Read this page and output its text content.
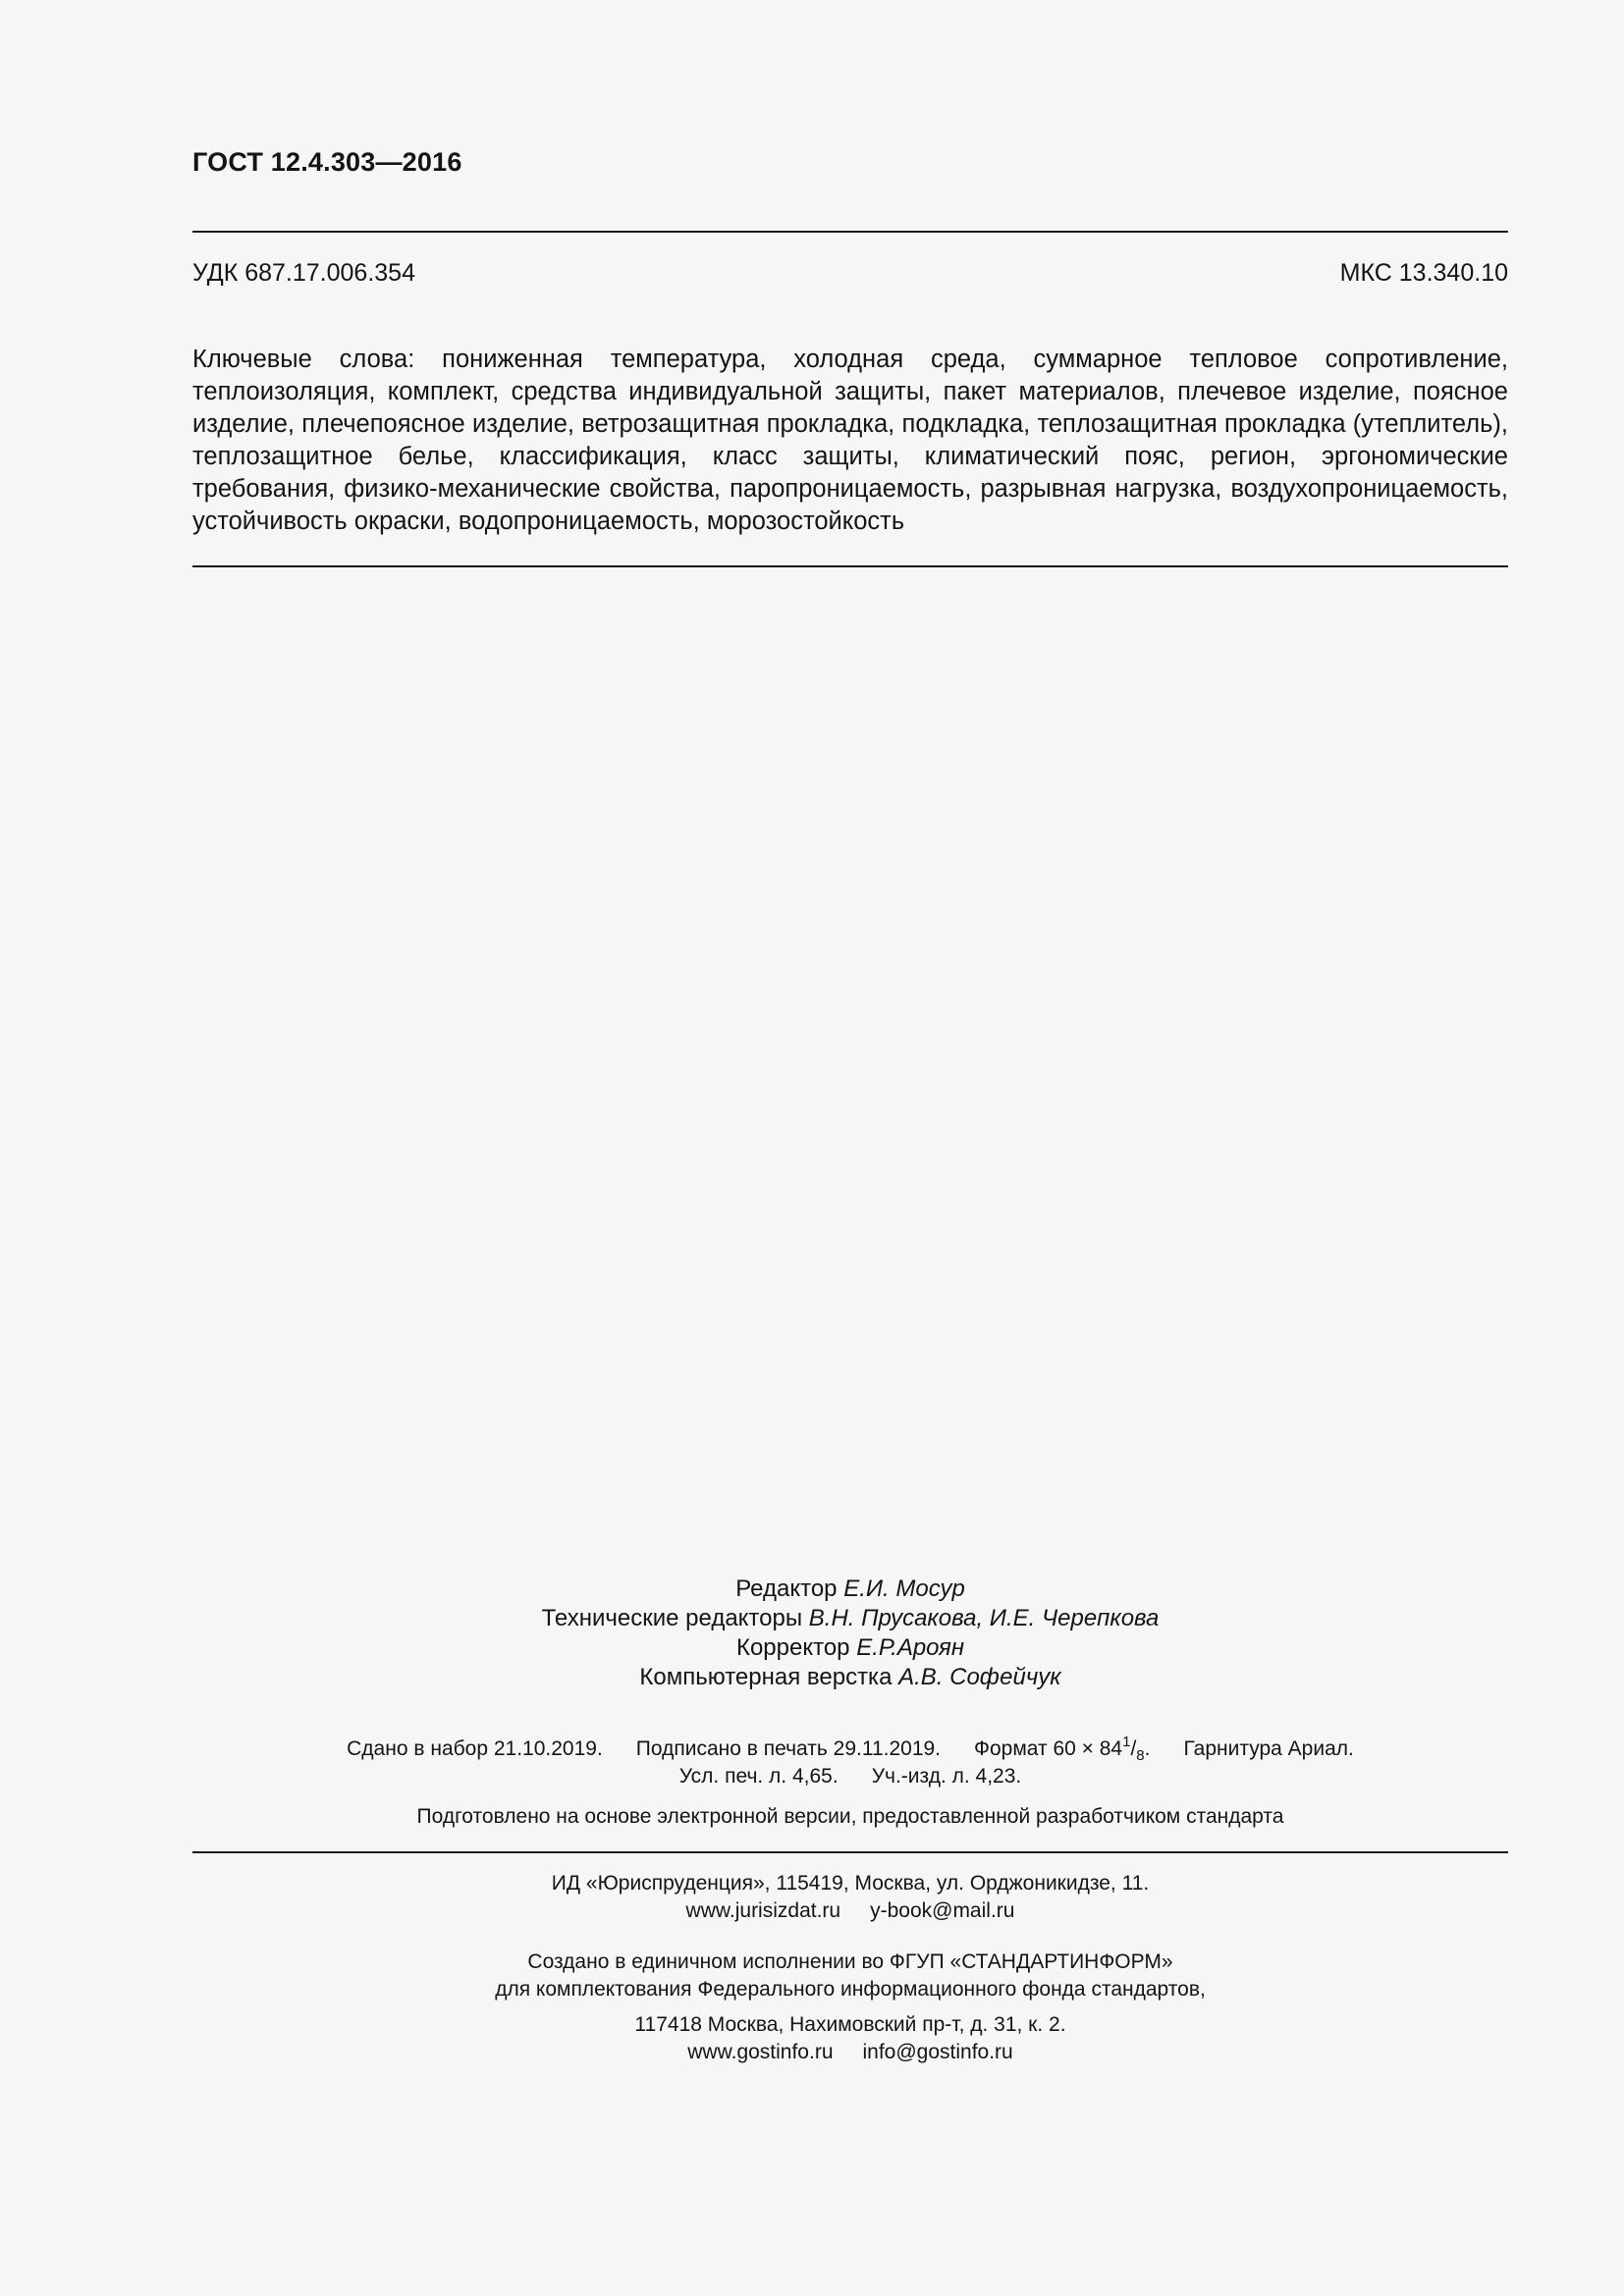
ГОСТ 12.4.303—2016
УДК 687.17.006.354	МКС 13.340.10
Ключевые слова: пониженная температура, холодная среда, суммарное тепловое сопротивление, теплоизоляция, комплект, средства индивидуальной защиты, пакет материалов, плечевое изделие, поясное изделие, плечепоясное изделие, ветрозащитная прокладка, подкладка, теплозащитная прокладка (утеплитель), теплозащитное белье, классификация, класс защиты, климатический пояс, регион, эргономические требования, физико-механические свойства, паропроницаемость, разрывная нагрузка, воздухопроницаемость, устойчивость окраски, водопроницаемость, морозостойкость
Редактор Е.И. Мосур
Технические редакторы В.Н. Прусакова, И.Е. Черепкова
Корректор Е.Р.Ароян
Компьютерная верстка А.В. Софейчук
Сдано в набор 21.10.2019. Подписано в печать 29.11.2019. Формат $60 \times 84^1/_8$. Гарнитура Ариал.
Усл. печ. л. 4,65. Уч.-изд. л. 4,23.
Подготовлено на основе электронной версии, предоставленной разработчиком стандарта
ИД «Юриспруденция», 115419, Москва, ул. Орджоникидзе, 11.
www.jurisizdat.ru y-book@mail.ru
Создано в единичном исполнении во ФГУП «СТАНДАРТИНФОРМ»
для комплектования Федерального информационного фонда стандартов,
117418 Москва, Нахимовский пр-т, д. 31, к. 2.
www.gostinfo.ru info@gostinfo.ru
